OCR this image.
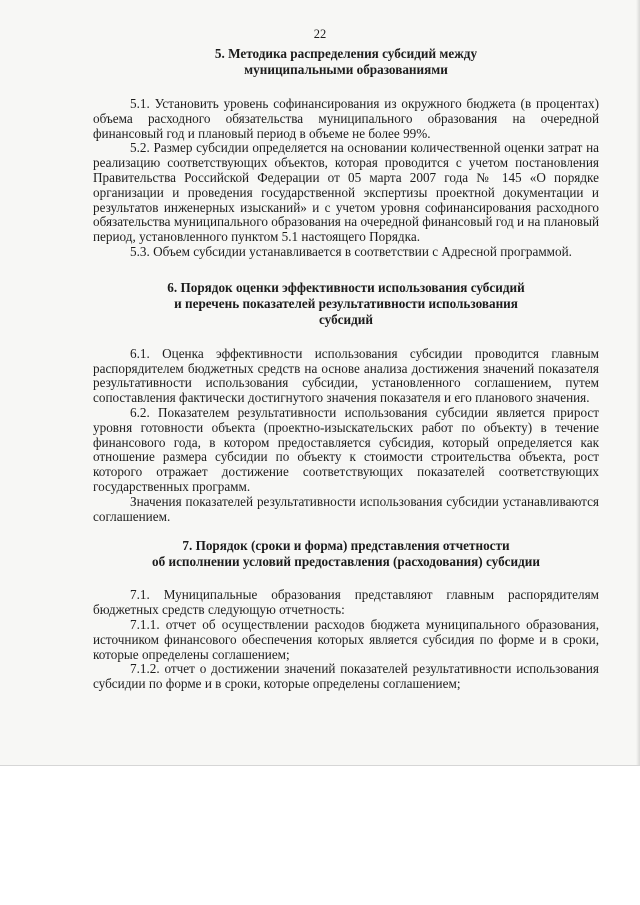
22
5. Методика распределения субсидий между
муниципальными образованиями

5.1. Установить уровень софинансирования из окружного бюджета (в процентах) объема расходного обязательства муниципального образования на очередной финансовый год и плановый период в объеме не более 99%.

5.2. Размер субсидии определяется на основании количественной оценки затрат на реализацию соответствующих объектов, которая проводится с учетом постановления Правительства Российской Федерации от 05 марта 2007 года № 145 «О порядке организации и проведения государственной экспертизы проектной документации и результатов инженерных изысканий» и с учетом уровня софинансирования расходного обязательства муниципального образования на очередной финансовый год и на плановый период, установленного пунктом 5.1 настоящего Порядка.

5.3. Объем субсидии устанавливается в соответствии с Адресной программой.

6. Порядок оценки эффективности использования субсидий
и перечень показателей результативности использования
субсидий

6.1. Оценка эффективности использования субсидии проводится главным распорядителем бюджетных средств на основе анализа достижения значений показателя результативности использования субсидии, установленного соглашением, путем сопоставления фактически достигнутого значения показателя и его планового значения.

6.2. Показателем результативности использования субсидии является прирост уровня готовности объекта (проектно-изыскательских работ по объекту) в течение финансового года, в котором предоставляется субсидия, который определяется как отношение размера субсидии по объекту к стоимости строительства объекта, рост которого отражает достижение соответствующих показателей соответствующих государственных программ.

Значения показателей результативности использования субсидии устанавливаются соглашением.

7. Порядок (сроки и форма) представления отчетности
об исполнении условий предоставления (расходования) субсидии

7.1. Муниципальные образования представляют главным распорядителям бюджетных средств следующую отчетность:

7.1.1. отчет об осуществлении расходов бюджета муниципального образования, источником финансового обеспечения которых является субсидия по форме и в сроки, которые определены соглашением;

7.1.2. отчет о достижении значений показателей результативности использования субсидии по форме и в сроки, которые определены соглашением;
